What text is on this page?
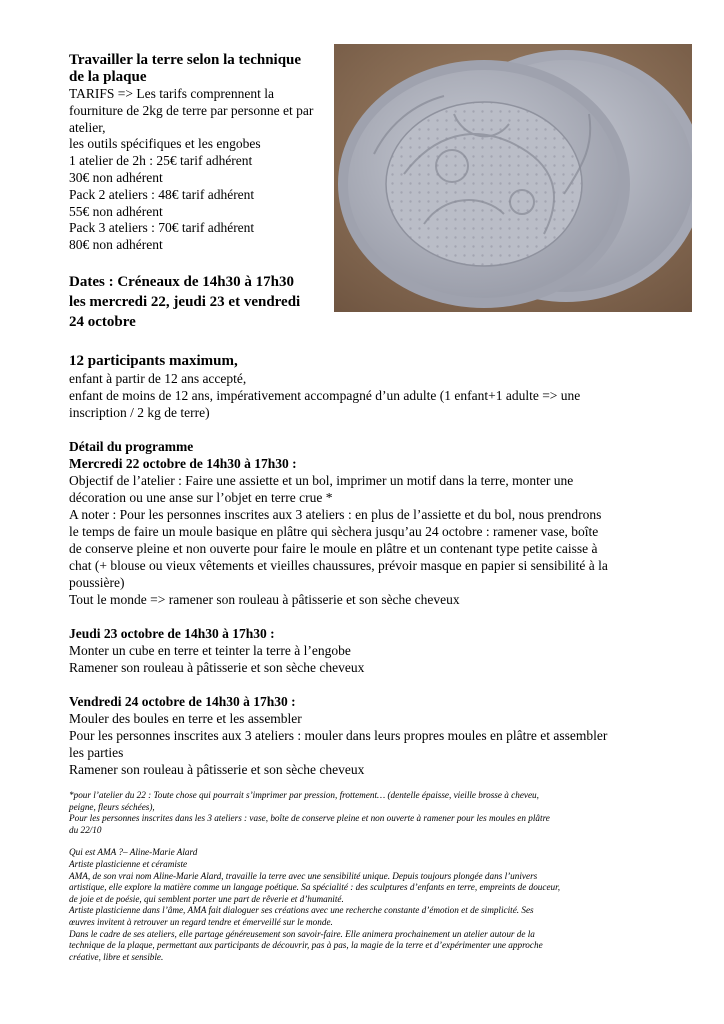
Travailler la terre selon la technique
de la plaque
TARIFS => Les tarifs comprennent la
fourniture de 2kg de terre par personne et par
atelier,
les outils spécifiques et les engobes
1 atelier de 2h : 25€ tarif adhérent
30€ non adhérent
Pack 2 ateliers : 48€ tarif adhérent
55€ non adhérent
Pack 3 ateliers : 70€ tarif adhérent
80€ non adhérent
Dates : Créneaux de 14h30 à 17h30
les mercredi 22, jeudi 23 et vendredi
24 octobre
12 participants maximum,
enfant à partir de 12 ans accepté,
enfant de moins de 12 ans, impérativement accompagné d’un adulte (1 enfant+1 adulte => une
inscription / 2 kg de terre)
Détail du programme
Mercredi 22 octobre de 14h30 à 17h30 :
Objectif de l’atelier : Faire une assiette et un bol, imprimer un motif dans la terre, monter une
décoration ou une anse sur l’objet en terre crue *
A noter : Pour les personnes inscrites aux 3 ateliers : en plus de l’assiette et du bol, nous prendrons
le temps de faire un moule basique en plâtre qui sèchera jusqu’au 24 octobre : ramener vase, boîte
de conserve pleine et non ouverte pour faire le moule en plâtre et un contenant type petite caisse à
chat (+ blouse ou vieux vêtements et vieilles chaussures, prévoir masque en papier si sensibilité à la
poussière)
Tout le monde => ramener son rouleau à pâtisserie et son sèche cheveux
Jeudi 23 octobre de 14h30 à 17h30 :
Monter un cube en terre et teinter la terre à l’engobe
Ramener son rouleau à pâtisserie et son sèche cheveux
Vendredi 24 octobre de 14h30 à 17h30 :
Mouler des boules en terre et les assembler
Pour les personnes inscrites aux 3 ateliers : mouler dans leurs propres moules en plâtre et assembler
les parties
Ramener son rouleau à pâtisserie et son sèche cheveux
*pour l’atelier du 22 : Toute chose qui pourrait s’imprimer par pression, frottement… (dentelle épaisse, vieille brosse à cheveu,
peigne, fleurs séchées),
Pour les personnes inscrites dans les 3 ateliers : vase, boîte de conserve pleine et non ouverte à ramener pour les moules en plâtre
du 22/10
Qui est AMA ?– Aline-Marie Alard
Artiste plasticienne et céramiste
AMA, de son vrai nom Aline-Marie Alard, travaille la terre avec une sensibilité unique. Depuis toujours plongée dans l’univers
artistique, elle explore la matière comme un langage poétique. Sa spécialité : des sculptures d’enfants en terre, empreints de douceur,
de joie et de poésie, qui semblent porter une part de rêverie et d’humanité.
Artiste plasticienne dans l’âme, AMA fait dialoguer ses créations avec une recherche constante d’émotion et de simplicité. Ses
œuvres invitent à retrouver un regard tendre et émerveillé sur le monde.
Dans le cadre de ses ateliers, elle partage généreusement son savoir-faire. Elle animera prochainement un atelier autour de la
technique de la plaque, permettant aux participants de découvrir, pas à pas, la magie de la terre et d’expérimenter une approche
créative, libre et sensible.
